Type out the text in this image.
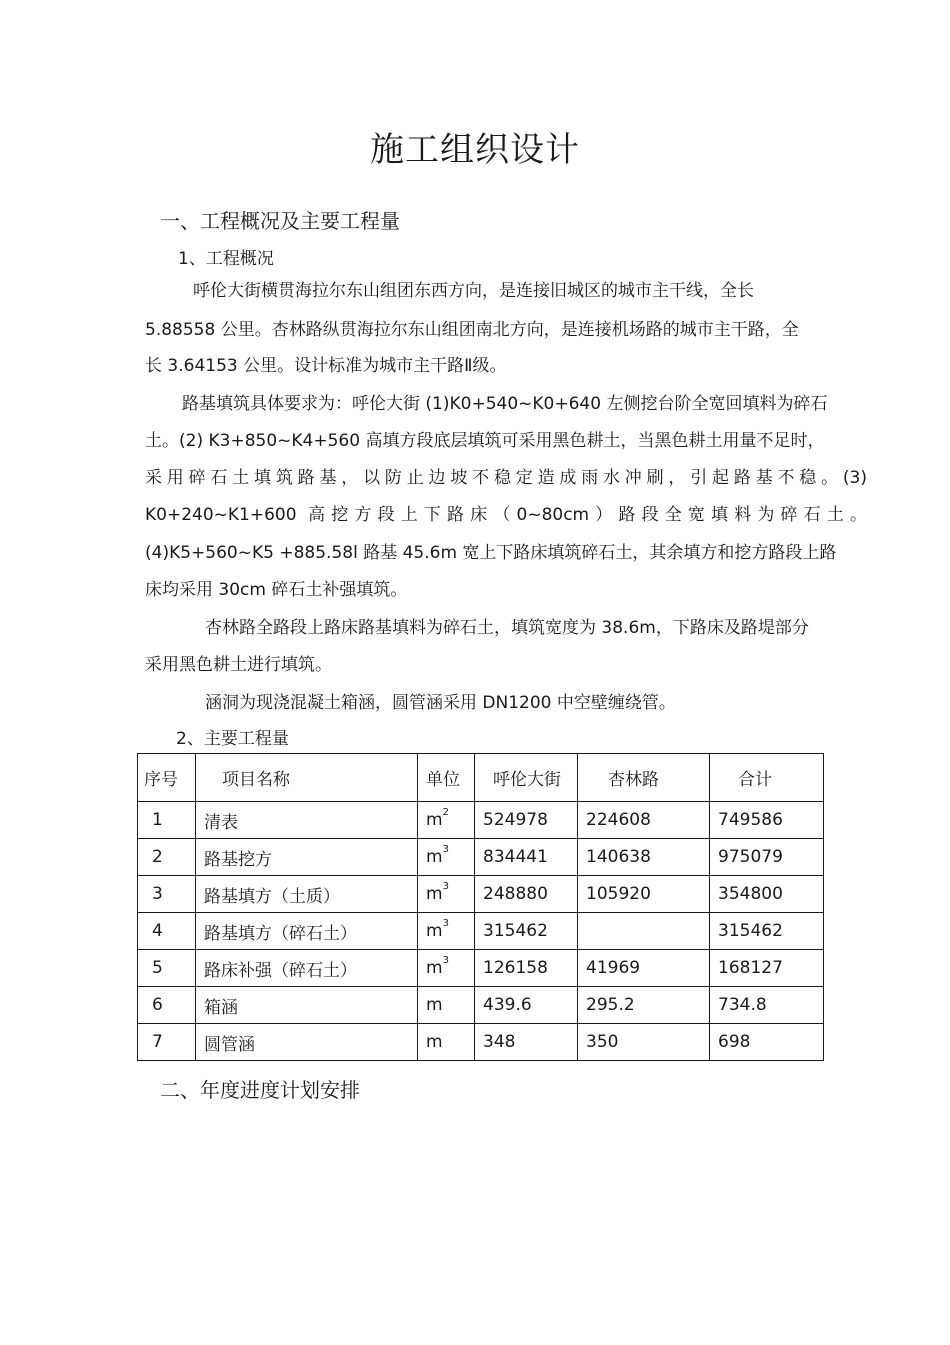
施工组织设计
一、工程概况及主要工程量
1、工程概况
呼伦大街横贯海拉尔东山组团东西方向，是连接旧城区的城市主干线，全长
5.88558 公里。杏林路纵贯海拉尔东山组团南北方向，是连接机场路的城市主干路，全
长 3.64153 公里。设计标准为城市主干路Ⅱ级。
路基填筑具体要求为：呼伦大街 (1)K0+540~K0+640 左侧挖台阶全宽回填料为碎石
土。(2) K3+850~K4+560 高填方段底层填筑可采用黑色耕土，当黑色耕土用量不足时，
采用碎石土填筑路基，以防止边坡不稳定造成雨水冲刷，引起路基不稳。(3)
K0+240~K1+600 高挖方段上下路床（0~80cm）路段全宽填料为碎石土。
(4)K5+560~K5 +885.58l 路基 45.6m 宽上下路床填筑碎石土，其余填方和挖方路段上路
床均采用 30cm 碎石土补强填筑。
杏林路全路段上路床路基填料为碎石土，填筑宽度为 38.6m，下路床及路堤部分
采用黑色耕土进行填筑。
涵洞为现浇混凝土箱涵，圆管涵采用 DN1200 中空壁缠绕管。
2、主要工程量
序号	项目名称	单位	呼伦大街	杏林路	合计
1	清表	$m^2$	524978	224608	749586
2	路基挖方	$m^3$	834441	140638	975079
3	路基填方（土质）	$m^3$	248880	105920	354800
4	路基填方（碎石土）	$m^3$	315462		315462
5	路床补强（碎石土）	$m^3$	126158	41969	168127
6	箱涵	m	439.6	295.2	734.8
7	圆管涵	m	348	350	698
二、年度进度计划安排
